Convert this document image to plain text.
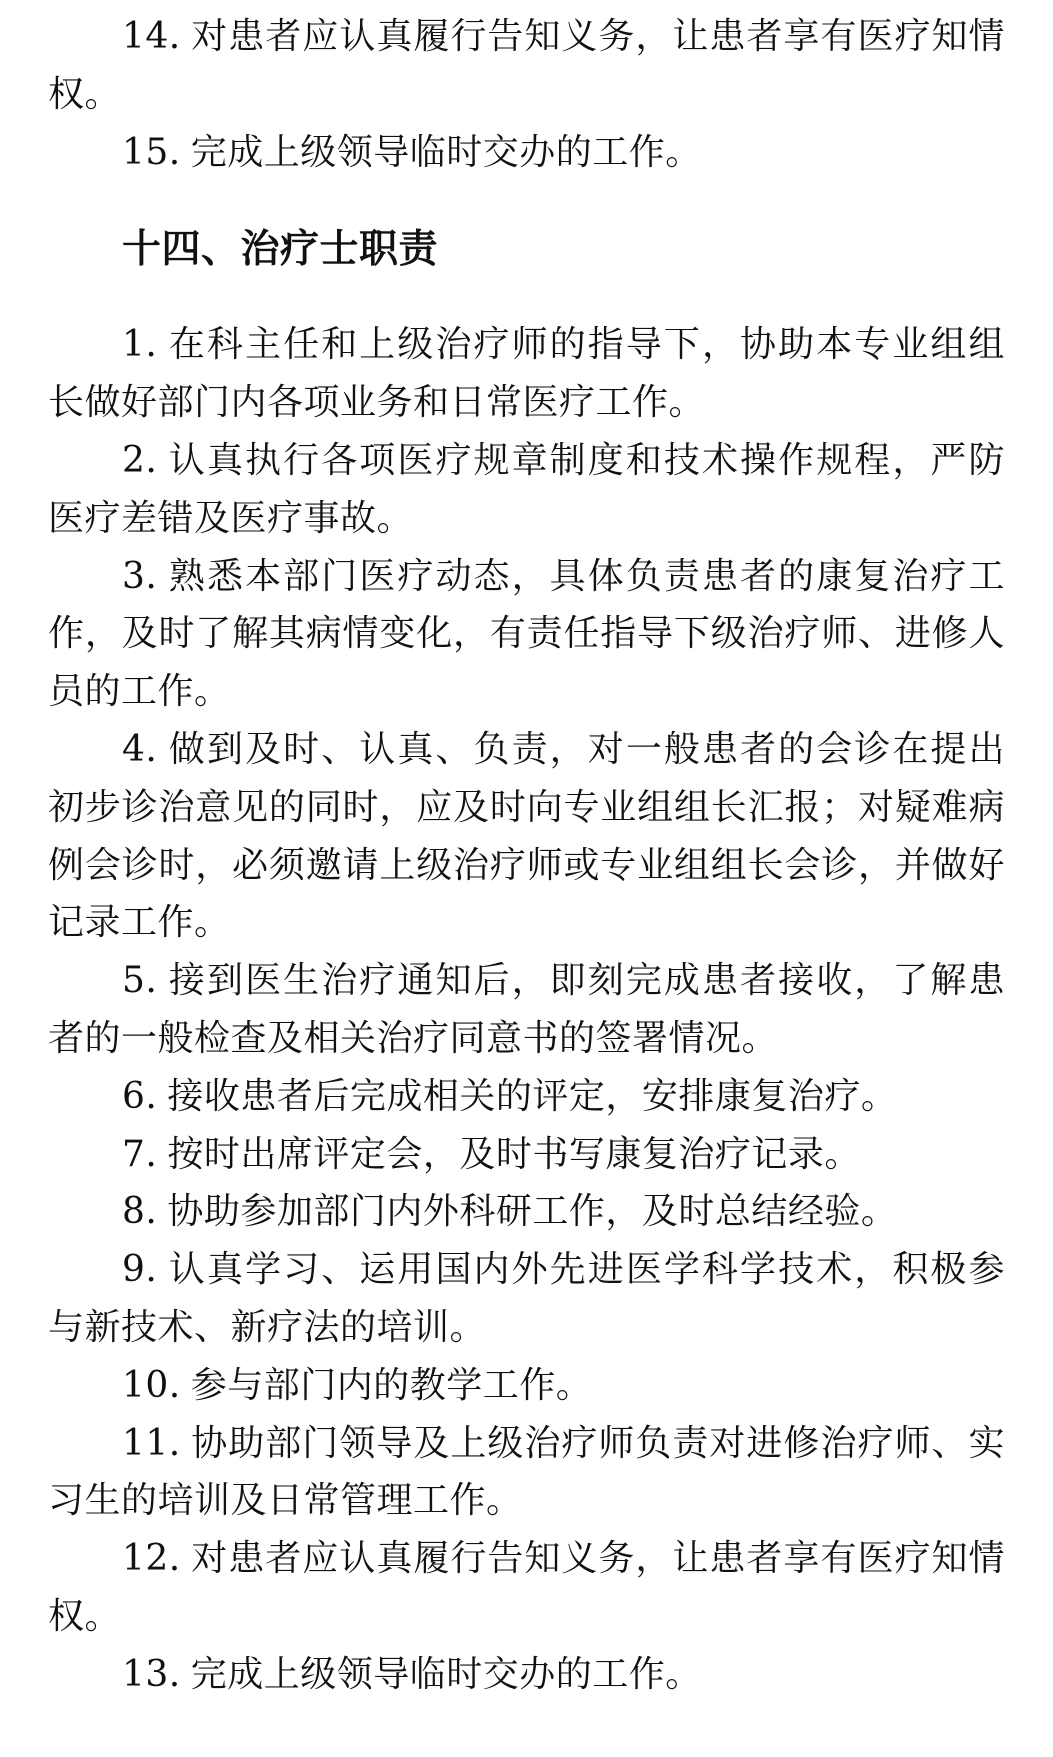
14. 对患者应认真履行告知义务，让患者享有医疗知情权。

15. 完成上级领导临时交办的工作。

十四、治疗士职责

1. 在科主任和上级治疗师的指导下，协助本专业组组长做好部门内各项业务和日常医疗工作。

2. 认真执行各项医疗规章制度和技术操作规程，严防医疗差错及医疗事故。

3. 熟悉本部门医疗动态，具体负责患者的康复治疗工作，及时了解其病情变化，有责任指导下级治疗师、进修人员的工作。

4. 做到及时、认真、负责，对一般患者的会诊在提出初步诊治意见的同时，应及时向专业组组长汇报；对疑难病例会诊时，必须邀请上级治疗师或专业组组长会诊，并做好记录工作。

5. 接到医生治疗通知后，即刻完成患者接收，了解患者的一般检查及相关治疗同意书的签署情况。

6. 接收患者后完成相关的评定，安排康复治疗。

7. 按时出席评定会，及时书写康复治疗记录。

8. 协助参加部门内外科研工作，及时总结经验。

9. 认真学习、运用国内外先进医学科学技术，积极参与新技术、新疗法的培训。

10. 参与部门内的教学工作。

11. 协助部门领导及上级治疗师负责对进修治疗师、实习生的培训及日常管理工作。

12. 对患者应认真履行告知义务，让患者享有医疗知情权。

13. 完成上级领导临时交办的工作。
